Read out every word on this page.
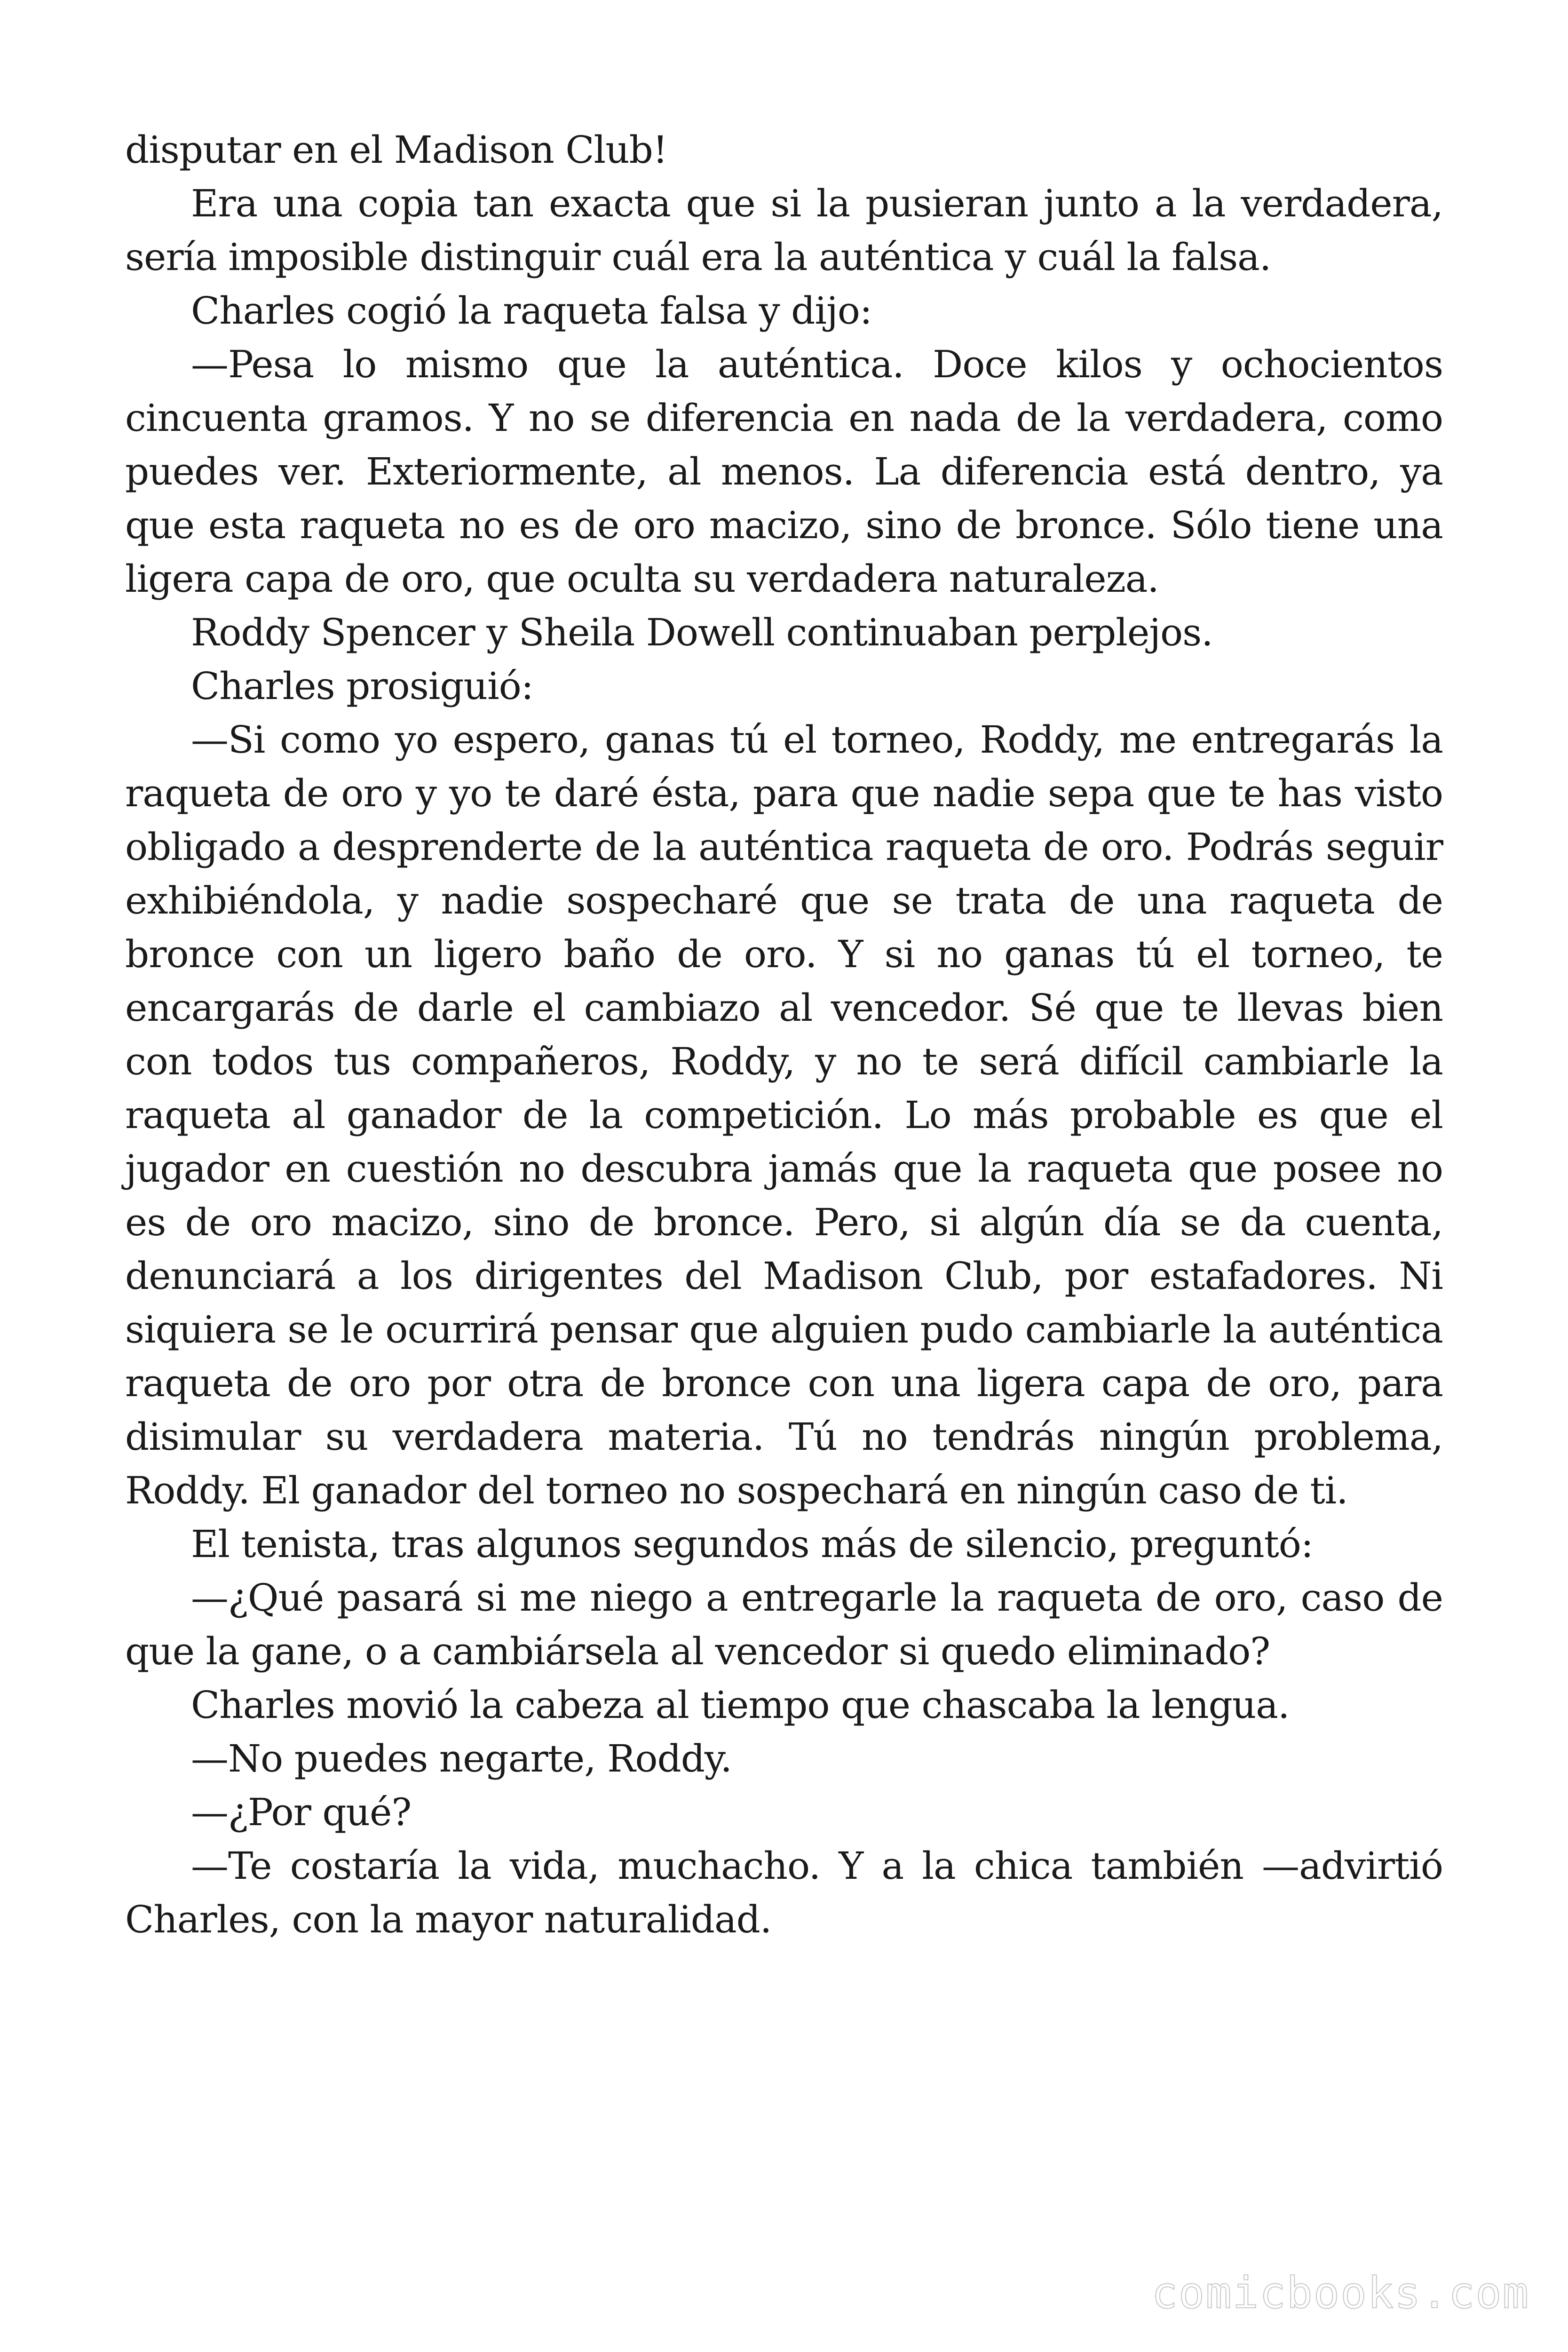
disputar en el Madison Club!

Era una copia tan exacta que si la pusieran junto a la verdadera, sería imposible distinguir cuál era la auténtica y cuál la falsa.

Charles cogió la raqueta falsa y dijo:

—Pesa lo mismo que la auténtica. Doce kilos y ochocientos cincuenta gramos. Y no se diferencia en nada de la verdadera, como puedes ver. Exteriormente, al menos. La diferencia está dentro, ya que esta raqueta no es de oro macizo, sino de bronce. Sólo tiene una ligera capa de oro, que oculta su verdadera naturaleza.

Roddy Spencer y Sheila Dowell continuaban perplejos.

Charles prosiguió:

—Si como yo espero, ganas tú el torneo, Roddy, me entregarás la raqueta de oro y yo te daré ésta, para que nadie sepa que te has visto obligado a desprenderte de la auténtica raqueta de oro. Podrás seguir exhibiéndola, y nadie sospecharé que se trata de una raqueta de bronce con un ligero baño de oro. Y si no ganas tú el torneo, te encargarás de darle el cambiazo al vencedor. Sé que te llevas bien con todos tus compañeros, Roddy, y no te será difícil cambiarle la raqueta al ganador de la competición. Lo más probable es que el jugador en cuestión no descubra jamás que la raqueta que posee no es de oro macizo, sino de bronce. Pero, si algún día se da cuenta, denunciará a los dirigentes del Madison Club, por estafadores. Ni siquiera se le ocurrirá pensar que alguien pudo cambiarle la auténtica raqueta de oro por otra de bronce con una ligera capa de oro, para disimular su verdadera materia. Tú no tendrás ningún problema, Roddy. El ganador del torneo no sospechará en ningún caso de ti.

El tenista, tras algunos segundos más de silencio, preguntó:

—¿Qué pasará si me niego a entregarle la raqueta de oro, caso de que la gane, o a cambiársela al vencedor si quedo eliminado?

Charles movió la cabeza al tiempo que chascaba la lengua.

—No puedes negarte, Roddy.

—¿Por qué?

—Te costaría la vida, muchacho. Y a la chica también —advirtió Charles, con la mayor naturalidad.

comicbooks.com
